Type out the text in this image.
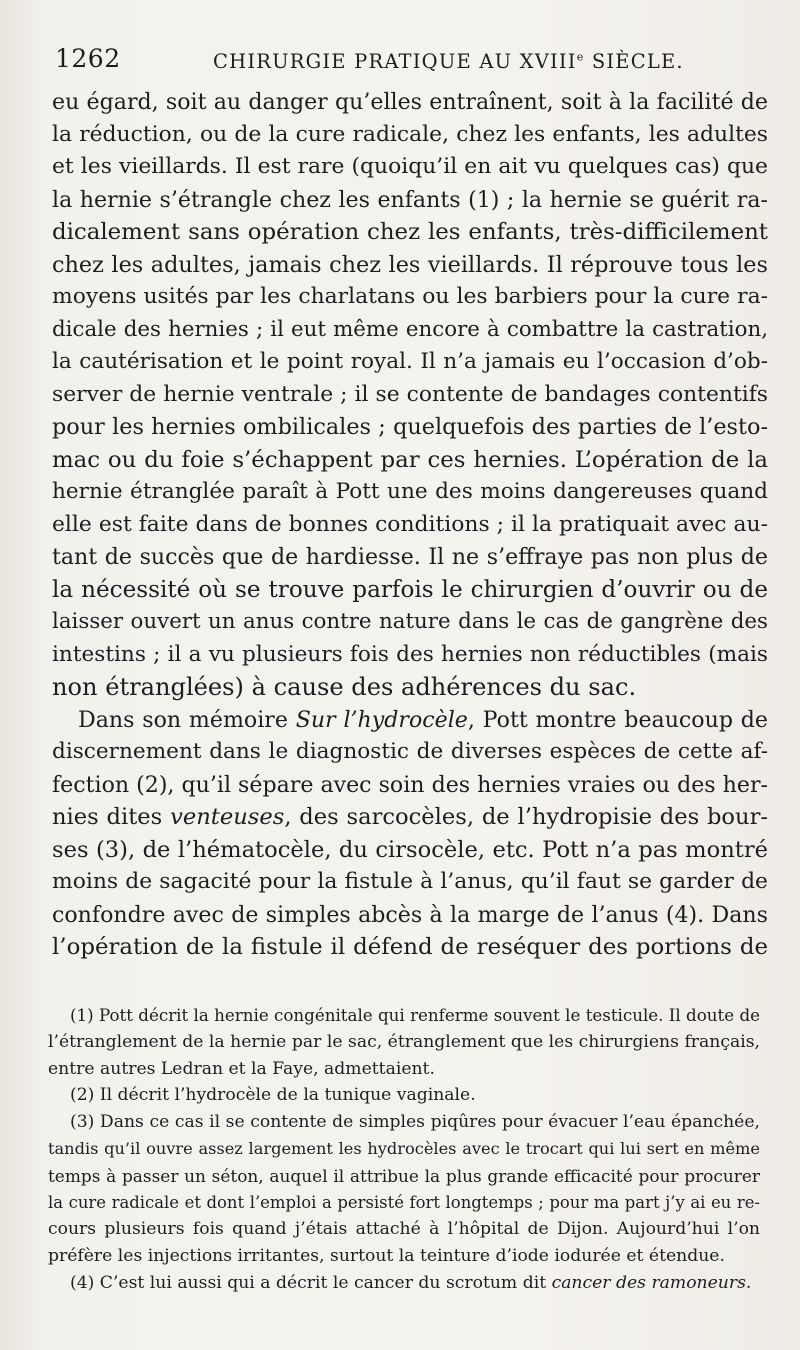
1262	CHIRURGIE PRATIQUE AU XVIIIe SIÈCLE.
eu égard, soit au danger qu’elles entraînent, soit à la facilité de
la réduction, ou de la cure radicale, chez les enfants, les adultes
et les vieillards. Il est rare (quoiqu’il en ait vu quelques cas) que
la hernie s’étrangle chez les enfants (1) ; la hernie se guérit ra-
dicalement sans opération chez les enfants, très-difficilement
chez les adultes, jamais chez les vieillards. Il réprouve tous les
moyens usités par les charlatans ou les barbiers pour la cure ra-
dicale des hernies ; il eut même encore à combattre la castration,
la cautérisation et le point royal. Il n’a jamais eu l’occasion d’ob-
server de hernie ventrale ; il se contente de bandages contentifs
pour les hernies ombilicales ; quelquefois des parties de l’esto-
mac ou du foie s’échappent par ces hernies. L’opération de la
hernie étranglée paraît à Pott une des moins dangereuses quand
elle est faite dans de bonnes conditions ; il la pratiquait avec au-
tant de succès que de hardiesse. Il ne s’effraye pas non plus de
la nécessité où se trouve parfois le chirurgien d’ouvrir ou de
laisser ouvert un anus contre nature dans le cas de gangrène des
intestins ; il a vu plusieurs fois des hernies non réductibles (mais
non étranglées) à cause des adhérences du sac.
Dans son mémoire Sur l’hydrocèle, Pott montre beaucoup de
discernement dans le diagnostic de diverses espèces de cette af-
fection (2), qu’il sépare avec soin des hernies vraies ou des her-
nies dites venteuses, des sarcocèles, de l’hydropisie des bour-
ses (3), de l’hématocèle, du cirsocèle, etc. Pott n’a pas montré
moins de sagacité pour la fistule à l’anus, qu’il faut se garder de
confondre avec de simples abcès à la marge de l’anus (4). Dans
l’opération de la fistule il défend de reséquer des portions de
(1) Pott décrit la hernie congénitale qui renferme souvent le testicule. Il doute de
l’étranglement de la hernie par le sac, étranglement que les chirurgiens français,
entre autres Ledran et la Faye, admettaient.
(2) Il décrit l’hydrocèle de la tunique vaginale.
(3) Dans ce cas il se contente de simples piqûres pour évacuer l’eau épanchée,
tandis qu’il ouvre assez largement les hydrocèles avec le trocart qui lui sert en même
temps à passer un séton, auquel il attribue la plus grande efficacité pour procurer
la cure radicale et dont l’emploi a persisté fort longtemps ; pour ma part j’y ai eu re-
cours plusieurs fois quand j’étais attaché à l’hôpital de Dijon. Aujourd’hui l’on
préfère les injections irritantes, surtout la teinture d’iode iodurée et étendue.
(4) C’est lui aussi qui a décrit le cancer du scrotum dit cancer des ramoneurs.
